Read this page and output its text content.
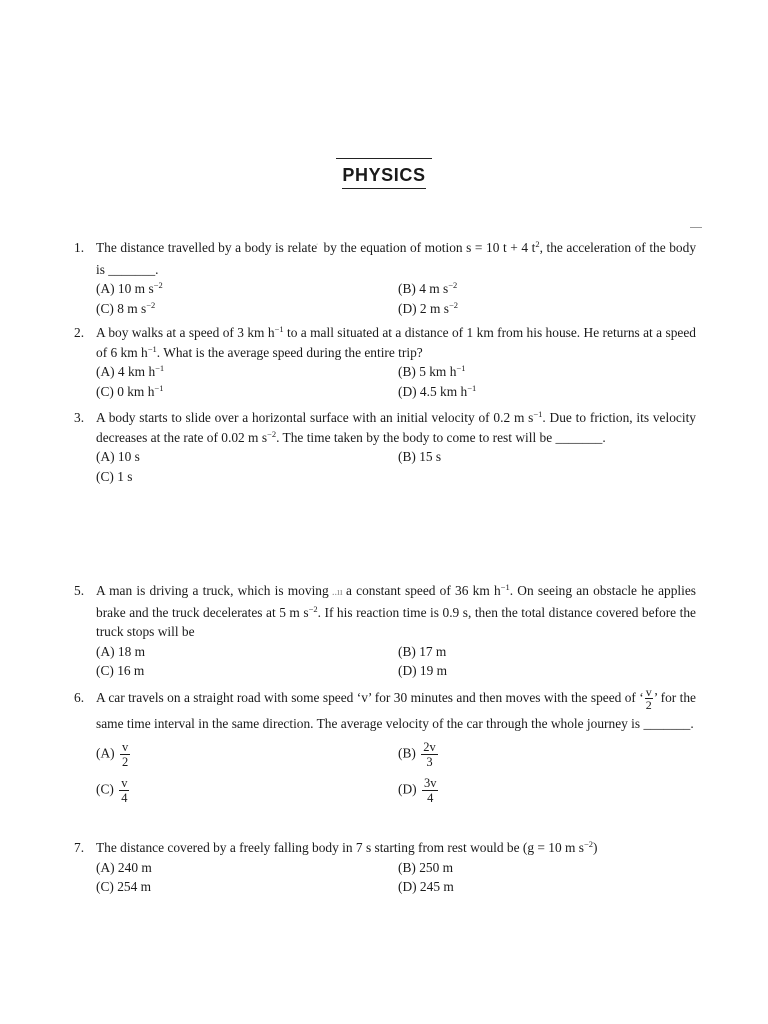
PHYSICS
1. The distance travelled by a body is relateׄ ׄ by the equation of motion s = 10 t + 4 $t^2$, the acceleration of the body is _______.
(A) 10 m $s^{-2}$	(B) 4 m $s^{-2}$
(C) 8 m $s^{-2}$	(D) 2 m $s^{-2}$
2. A boy walks at a speed of 3 km $h^{-1}$ to a mall situated at a distance of 1 km from his house. He returns at a speed of 6 km $h^{-1}$. What is the average speed during the entire trip?
(A) 4 km $h^{-1}$	(B) 5 km $h^{-1}$
(C) 0 km $h^{-1}$	(D) 4.5 km $h^{-1}$
3. A body starts to slide over a horizontal surface with an initial velocity of 0.2 m $s^{-1}$. Due to friction, its velocity decreases at the rate of 0.02 m $s^{-2}$. The time taken by the body to come to rest will be _______.
(A) 10 s	(B) 15 s
(C) 1 s
5. A man is driving a truck, which is moving ..ıı a constant speed of 36 km $h^{-1}$. On seeing an obstacle he applies brake and the truck decelerates at 5 m $s^{-2}$. If his reaction time is 0.9 s, then the total distance covered before the truck stops will be
(A) 18 m	(B) 17 m
(C) 16 m	(D) 19 m
6. A car travels on a straight road with some speed ‘v’ for 30 minutes and then moves with the speed of ‘ $\frac{v}{2}$ ’ for the same time interval in the same direction. The average velocity of the car through the whole journey is _______.
$(A) \frac{v}{2}$	$(B) \frac{2v}{3}$
$(C) \frac{v}{4}$	$(D) \frac{3v}{4}$
7. The distance covered by a freely falling body in 7 s starting from rest would be (g = 10 m $s^{-2}$)
(A) 240 m	(B) 250 m
(C) 254 m	(D) 245 m
